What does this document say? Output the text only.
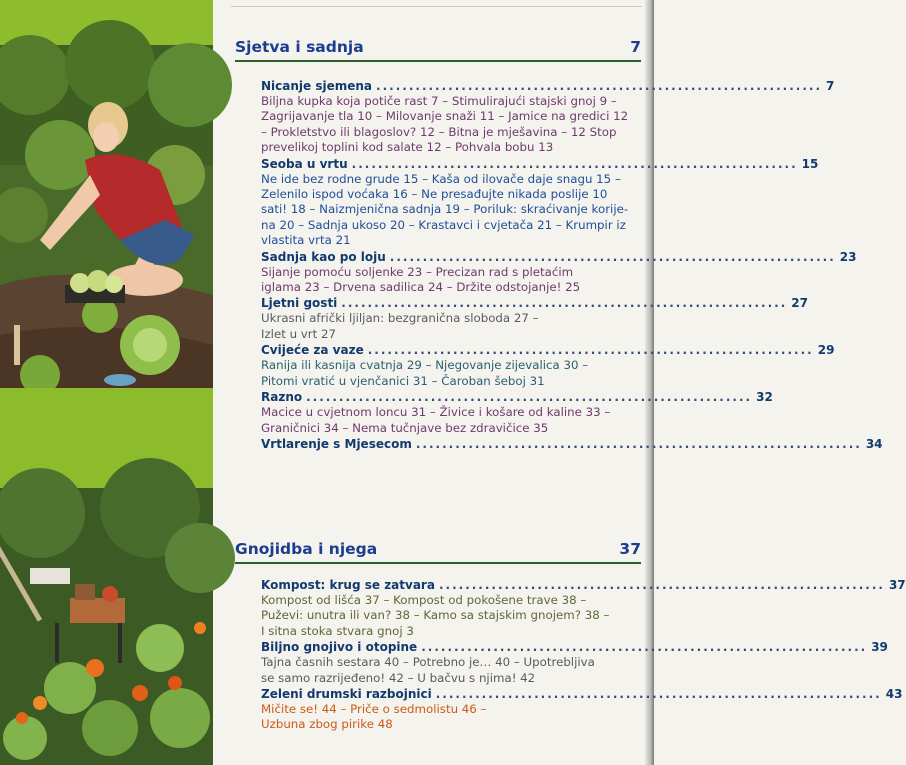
Sjetva i sadnja	7
Nicanje sjemena .................................................................... 7
Biljna kupka koja potiče rast 7 – Stimulirajući stajski gnoj 9 –
Zagrijavanje tla 10 – Milovanje snaži 11 – Jamice na gredici 12
– Prokletstvo ili blagoslov? 12 – Bitna je mješavina – 12 Stop
prevelikoj toplini kod salate 12 – Pohvala bobu 13
Seoba u vrtu .................................................................... 15
Ne ide bez rodne grude 15 – Kaša od ilovače daje snagu 15 –
Zelenilo ispod voćaka 16 – Ne presađujte nikada poslije 10
sati! 18 – Naizmjenična sadnja 19 – Poriluk: skraćivanje korije-
na 20 – Sadnja ukoso 20 – Krastavci i cvjetača 21 – Krumpir iz
vlastita vrta 21
Sadnja kao po loju .................................................................... 23
Sijanje pomoću soljenke 23 – Precizan rad s pletaćim
iglama 23 – Drvena sadilica 24 – Držite odstojanje! 25
Ljetni gosti .................................................................... 27
Ukrasni afrički ljiljan: bezgranična sloboda 27 –
Izlet u vrt 27
Cvijeće za vaze .................................................................... 29
Ranija ili kasnija cvatnja 29 – Njegovanje zijevalica 30 –
Pitomi vratić u vjenčanici 31 – Čaroban šeboj 31
Razno .................................................................... 32
Macice u cvjetnom loncu 31 – Živice i košare od kaline 33 –
Graničnici 34 – Nema tučnjave bez zdravičice 35
Vrtlarenje s Mjesecom .................................................................... 34
Gnojidba i njega	37
Kompost: krug se zatvara .................................................................... 37
Kompost od lišća 37 – Kompost od pokošene trave 38 –
Puževi: unutra ili van? 38 – Kamo sa stajskim gnojem? 38 –
I sitna stoka stvara gnoj 3
Biljno gnojivo i otopine .................................................................... 39
Tajna časnih sestara 40 – Potrebno je… 40 – Upotrebljiva
se samo razrijeđeno! 42 – U bačvu s njima! 42
Zeleni drumski razbojnici .................................................................... 43
Mičite se! 44 – Priče o sedmolistu 46 –
Uzbuna zbog pirike 48
